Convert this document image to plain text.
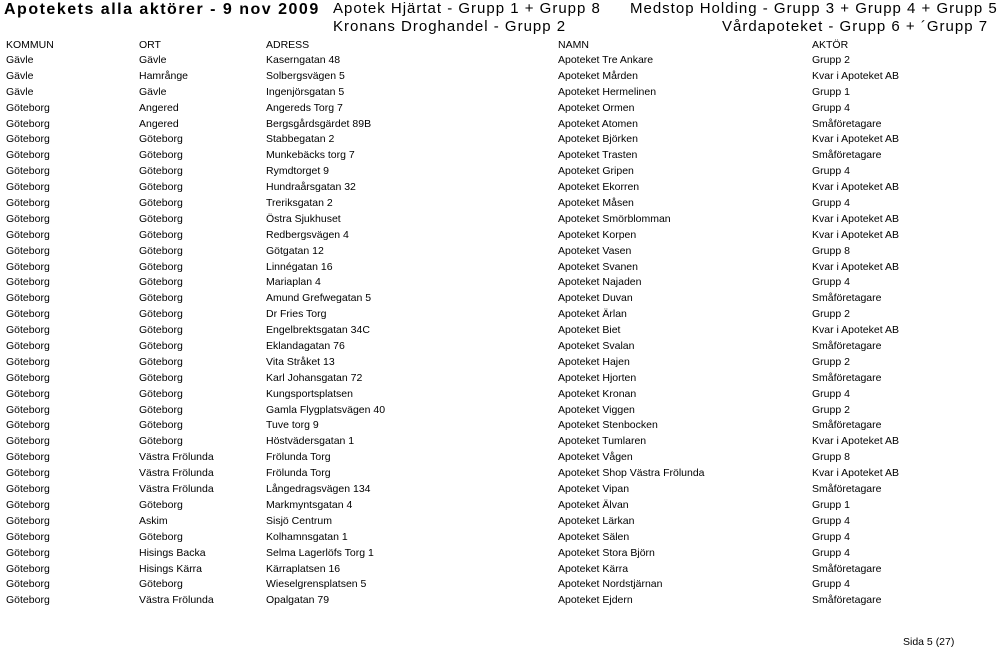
Apotekets alla aktörer - 9 nov 2009 Apotek Hjärtat - Grupp 1 + Grupp 8 Medstop Holding - Grupp 3 + Grupp 4 + Grupp 5
Kronans Droghandel - Grupp 2	Vårdapoteket - Grupp 6 + ´Grupp 7
KOMMUN	ORT	ADRESS	NAMN	AKTÖR
Gävle	Gävle	Kaserngatan 48	Apoteket Tre Ankare	Grupp 2
Gävle	Hamrånge	Solbergsvägen 5	Apoteket Mården	Kvar i Apoteket AB
Gävle	Gävle	Ingenjörsgatan 5	Apoteket Hermelinen	Grupp 1
Göteborg	Angered	Angereds Torg 7	Apoteket Ormen	Grupp 4
Göteborg	Angered	Bergsgårdsgärdet 89B	Apoteket Atomen	Småföretagare
Göteborg	Göteborg	Stabbegatan 2	Apoteket Björken	Kvar i Apoteket AB
Göteborg	Göteborg	Munkebäcks torg 7	Apoteket Trasten	Småföretagare
Göteborg	Göteborg	Rymdtorget 9	Apoteket Gripen	Grupp 4
Göteborg	Göteborg	Hundraårsgatan 32	Apoteket Ekorren	Kvar i Apoteket AB
Göteborg	Göteborg	Treriksgatan 2	Apoteket Måsen	Grupp 4
Göteborg	Göteborg	Östra Sjukhuset	Apoteket Smörblomman	Kvar i Apoteket AB
Göteborg	Göteborg	Redbergsvägen 4	Apoteket Korpen	Kvar i Apoteket AB
Göteborg	Göteborg	Götgatan 12	Apoteket Vasen	Grupp 8
Göteborg	Göteborg	Linnégatan 16	Apoteket Svanen	Kvar i Apoteket AB
Göteborg	Göteborg	Mariaplan 4	Apoteket Najaden	Grupp 4
Göteborg	Göteborg	Amund Grefwegatan 5	Apoteket Duvan	Småföretagare
Göteborg	Göteborg	Dr Fries Torg	Apoteket Ärlan	Grupp 2
Göteborg	Göteborg	Engelbrektsgatan 34C	Apoteket Biet	Kvar i Apoteket AB
Göteborg	Göteborg	Eklandagatan 76	Apoteket Svalan	Småföretagare
Göteborg	Göteborg	Vita Stråket 13	Apoteket Hajen	Grupp 2
Göteborg	Göteborg	Karl Johansgatan 72	Apoteket Hjorten	Småföretagare
Göteborg	Göteborg	Kungsportsplatsen	Apoteket Kronan	Grupp 4
Göteborg	Göteborg	Gamla Flygplatsvägen 40	Apoteket Viggen	Grupp 2
Göteborg	Göteborg	Tuve torg 9	Apoteket Stenbocken	Småföretagare
Göteborg	Göteborg	Höstvädersgatan 1	Apoteket Tumlaren	Kvar i Apoteket AB
Göteborg	Västra Frölunda	Frölunda Torg	Apoteket Vågen	Grupp 8
Göteborg	Västra Frölunda	Frölunda Torg	Apoteket Shop Västra Frölunda	Kvar i Apoteket AB
Göteborg	Västra Frölunda	Långedragsvägen 134	Apoteket Vipan	Småföretagare
Göteborg	Göteborg	Markmyntsgatan 4	Apoteket Älvan	Grupp 1
Göteborg	Askim	Sisjö Centrum	Apoteket Lärkan	Grupp 4
Göteborg	Göteborg	Kolhamnsgatan 1	Apoteket Sälen	Grupp 4
Göteborg	Hisings Backa	Selma Lagerlöfs Torg 1	Apoteket Stora Björn	Grupp 4
Göteborg	Hisings Kärra	Kärraplatsen 16	Apoteket Kärra	Småföretagare
Göteborg	Göteborg	Wieselgrensplatsen 5	Apoteket Nordstjärnan	Grupp 4
Göteborg	Västra Frölunda	Opalgatan 79	Apoteket Ejdern	Småföretagare
Sida 5 (27)
